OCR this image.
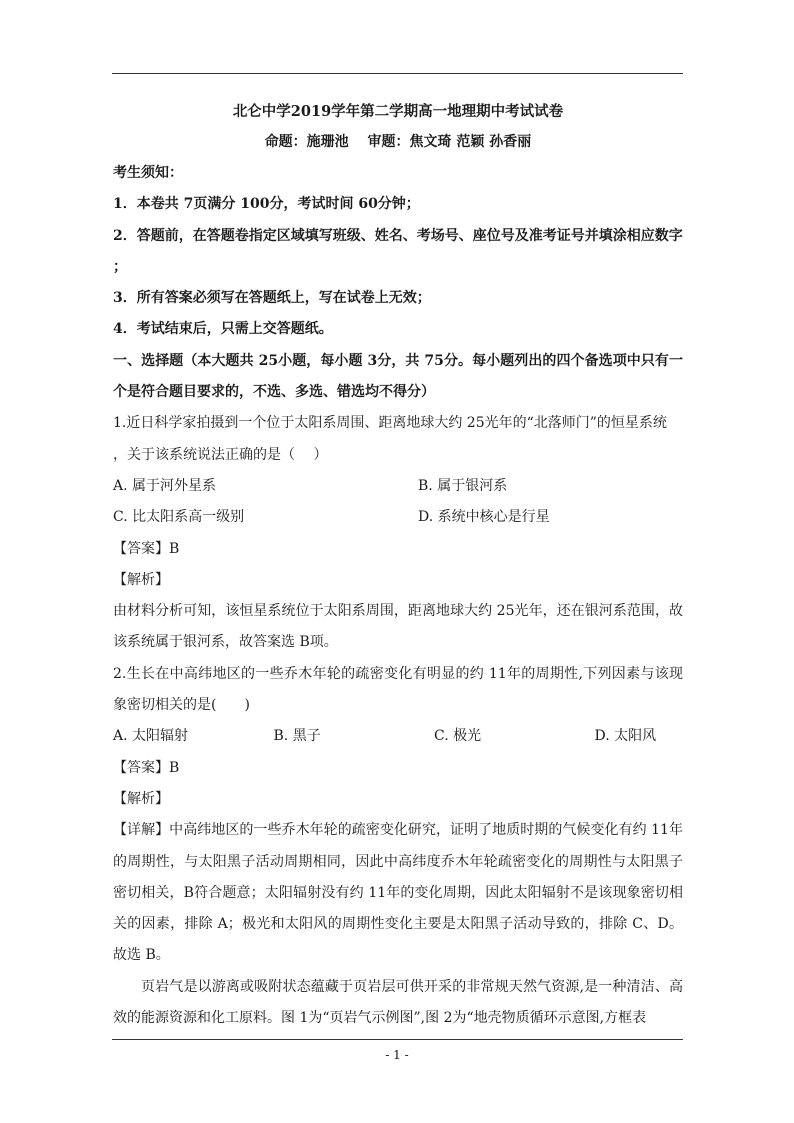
北仑中学2019学年第二学期高一地理期中考试试卷
命题：施珊池　 审题：焦文琦 范颖 孙香丽
考生须知：
1．本卷共 7页满分 100分，考试时间 60分钟；
2．答题前，在答题卷指定区域填写班级、姓名、考场号、座位号及准考证号并填涂相应数字
；
3．所有答案必须写在答题纸上，写在试卷上无效；
4．考试结束后，只需上交答题纸。
一、选择题（本大题共 25小题，每小题 3分，共 75分。每小题列出的四个备选项中只有一个是符合题目要求的，不选、多选、错选均不得分）
1.近日科学家拍摄到一个位于太阳系周围、距离地球大约 25光年的“北落师门”的恒星系统
，关于该系统说法正确的是（　 ）
A. 属于河外星系	B. 属于银河系
C. 比太阳系高一级别	D. 系统中核心是行星
【答案】B
【解析】
由材料分析可知，该恒星系统位于太阳系周围，距离地球大约 25光年，还在银河系范围，故该系统属于银河系，故答案选 B项。
2.生长在中高纬地区的一些乔木年轮的疏密变化有明显的约 11年的周期性,下列因素与该现象密切相关的是(　　)
A. 太阳辐射	B. 黑子	C. 极光	D. 太阳风
【答案】B
【解析】
【详解】中高纬地区的一些乔木年轮的疏密变化研究，证明了地质时期的气候变化有约 11年的周期性，与太阳黑子活动周期相同，因此中高纬度乔木年轮疏密变化的周期性与太阳黑子密切相关，B符合题意；太阳辐射没有约 11年的变化周期，因此太阳辐射不是该现象密切相关的因素，排除 A；极光和太阳风的周期性变化主要是太阳黑子活动导致的，排除 C、D。故选 B。
页岩气是以游离或吸附状态蕴藏于页岩层可供开采的非常规天然气资源,是一种清洁、高效的能源资源和化工原料。图 1为“页岩气示例图”,图 2为“地壳物质循环示意图,方框表
- 1 -
